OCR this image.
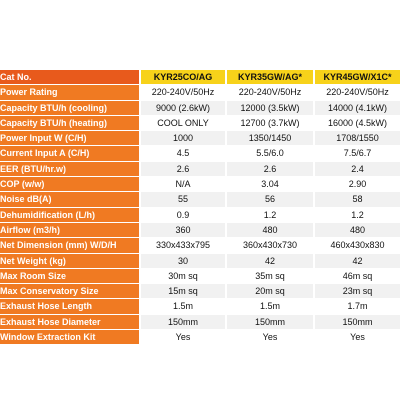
Cat No.	KYR25CO/AG	KYR35GW/AG*	KYR45GW/X1C*
Power Rating	220-240V/50Hz	220-240V/50Hz	220-240V/50Hz
Capacity BTU/h (cooling)	9000 (2.6kW)	12000 (3.5kW)	14000 (4.1kW)
Capacity BTU/h (heating)	COOL ONLY	12700 (3.7kW)	16000 (4.5kW)
Power Input W (C/H)	1000	1350/1450	1708/1550
Current Input A (C/H)	4.5	5.5/6.0	7.5/6.7
EER (BTU/hr.w)	2.6	2.6	2.4
COP (w/w)	N/A	3.04	2.90
Noise dB(A)	55	56	58
Dehumidification (L/h)	0.9	1.2	1.2
Airflow (m3/h)	360	480	480
Net Dimension (mm) W/D/H	330x433x795	360x430x730	460x430x830
Net Weight (kg)	30	42	42
Max Room Size	30m sq	35m sq	46m sq
Max Conservatory Size	15m sq	20m sq	23m sq
Exhaust Hose Length	1.5m	1.5m	1.7m
Exhaust Hose Diameter	150mm	150mm	150mm
Window Extraction Kit	Yes	Yes	Yes
